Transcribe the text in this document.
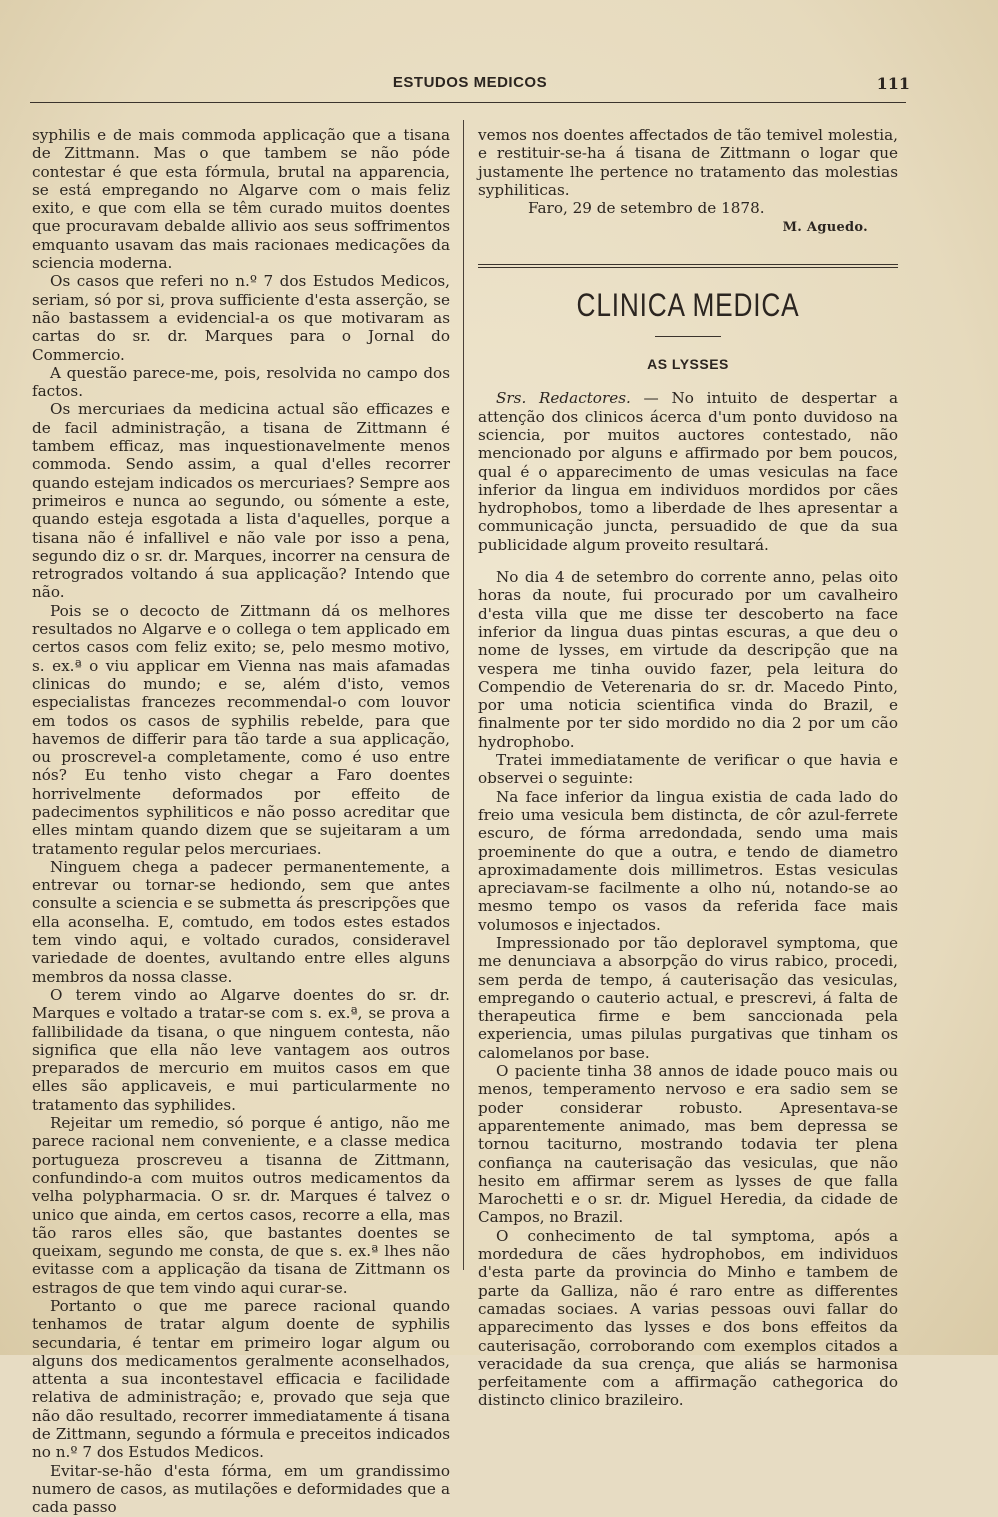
ESTUDOS MEDICOS	111

syphilis e de mais commoda applicação que a tisana de Zittmann. Mas o que tambem se não póde contestar é que esta fórmula, brutal na apparencia, se está empregando no Algarve com o mais feliz exito, e que com ella se têm curado muitos doentes que procuravam debalde allivio aos seus soffrimentos emquanto usavam das mais racionaes medicações da sciencia moderna.

Os casos que referi no n.º 7 dos Estudos Medicos, seriam, só por si, prova sufficiente d'esta asserção, se não bastassem a evidencial-a os que motivaram as cartas do sr. dr. Marques para o Jornal do Commercio.

A questão parece-me, pois, resolvida no campo dos factos.

Os mercuriaes da medicina actual são efficazes e de facil administração, a tisana de Zittmann é tambem efficaz, mas inquestionavelmente menos commoda. Sendo assim, a qual d'elles recorrer quando estejam indicados os mercuriaes? Sempre aos primeiros e nunca ao segundo, ou sómente a este, quando esteja esgotada a lista d'aquelles, porque a tisana não é infallivel e não vale por isso a pena, segundo diz o sr. dr. Marques, incorrer na censura de retrogrados voltando á sua applicação? Intendo que não.

Pois se o decocto de Zittmann dá os melhores resultados no Algarve e o collega o tem applicado em certos casos com feliz exito; se, pelo mesmo motivo, s. ex.ª o viu applicar em Vienna nas mais afamadas clinicas do mundo; e se, além d'isto, vemos especialistas francezes recommendal-o com louvor em todos os casos de syphilis rebelde, para que havemos de differir para tão tarde a sua applicação, ou proscrevel-a completamente, como é uso entre nós? Eu tenho visto chegar a Faro doentes horrivelmente deformados por effeito de padecimentos syphiliticos e não posso acreditar que elles mintam quando dizem que se sujeitaram a um tratamento regular pelos mercuriaes.

Ninguem chega a padecer permanentemente, a entrevar ou tornar-se hediondo, sem que antes consulte a sciencia e se submetta ás prescripções que ella aconselha. E, comtudo, em todos estes estados tem vindo aqui, e voltado curados, consideravel variedade de doentes, avultando entre elles alguns membros da nossa classe.

O terem vindo ao Algarve doentes do sr. dr. Marques e voltado a tratar-se com s. ex.ª, se prova a fallibilidade da tisana, o que ninguem contesta, não significa que ella não leve vantagem aos outros preparados de mercurio em muitos casos em que elles são applicaveis, e mui particularmente no tratamento das syphilides.

Rejeitar um remedio, só porque é antigo, não me parece racional nem conveniente, e a classe medica portugueza proscreveu a tisanna de Zittmann, confundindo-a com muitos outros medicamentos da velha polypharmacia. O sr. dr. Marques é talvez o unico que ainda, em certos casos, recorre a ella, mas tão raros elles são, que bastantes doentes se queixam, segundo me consta, de que s. ex.ª lhes não evitasse com a applicação da tisana de Zittmann os estragos de que tem vindo aqui curar-se.

Portanto o que me parece racional quando tenhamos de tratar algum doente de syphilis secundaria, é tentar em primeiro logar algum ou alguns dos medicamentos geralmente aconselhados, attenta a sua incontestavel efficacia e facilidade relativa de administração; e, provado que seja que não dão resultado, recorrer immediatamente á tisana de Zittmann, segundo a fórmula e preceitos indicados no n.º 7 dos Estudos Medicos.

Evitar-se-hão d'esta fórma, em um grandissimo numero de casos, as mutilações e deformidades que a cada passo

vemos nos doentes affectados de tão temivel molestia, e restituir-se-ha á tisana de Zittmann o logar que justamente lhe pertence no tratamento das molestias syphiliticas.

Faro, 29 de setembro de 1878.

M. Aguedo.
CLINICA MEDICA
AS LYSSES

Srs. Redactores. — No intuito de despertar a attenção dos clinicos ácerca d'um ponto duvidoso na sciencia, por muitos auctores contestado, não mencionado por alguns e affirmado por bem poucos, qual é o apparecimento de umas vesiculas na face inferior da lingua em individuos mordidos por cães hydrophobos, tomo a liberdade de lhes apresentar a communicação juncta, persuadido de que da sua publicidade algum proveito resultará.

No dia 4 de setembro do corrente anno, pelas oito horas da noute, fui procurado por um cavalheiro d'esta villa que me disse ter descoberto na face inferior da lingua duas pintas escuras, a que deu o nome de lysses, em virtude da descripção que na vespera me tinha ouvido fazer, pela leitura do Compendio de Veterenaria do sr. dr. Macedo Pinto, por uma noticia scientifica vinda do Brazil, e finalmente por ter sido mordido no dia 2 por um cão hydrophobo.

Tratei immediatamente de verificar o que havia e observei o seguinte:

Na face inferior da lingua existia de cada lado do freio uma vesicula bem distincta, de côr azul-ferrete escuro, de fórma arredondada, sendo uma mais proeminente do que a outra, e tendo de diametro aproximadamente dois millimetros. Estas vesiculas apreciavam-se facilmente a olho nú, notando-se ao mesmo tempo os vasos da referida face mais volumosos e injectados.

Impressionado por tão deploravel symptoma, que me denunciava a absorpção do virus rabico, procedi, sem perda de tempo, á cauterisação das vesiculas, empregando o cauterio actual, e prescrevi, á falta de therapeutica firme e bem sanccionada pela experiencia, umas pilulas purgativas que tinham os calomelanos por base.

O paciente tinha 38 annos de idade pouco mais ou menos, temperamento nervoso e era sadio sem se poder considerar robusto. Apresentava-se apparentemente animado, mas bem depressa se tornou taciturno, mostrando todavia ter plena confiança na cauterisação das vesiculas, que não hesito em affirmar serem as lysses de que falla Marochetti e o sr. dr. Miguel Heredia, da cidade de Campos, no Brazil.

O conhecimento de tal symptoma, após a mordedura de cães hydrophobos, em individuos d'esta parte da provincia do Minho e tambem de parte da Galliza, não é raro entre as differentes camadas sociaes. A varias pessoas ouvi fallar do apparecimento das lysses e dos bons effeitos da cauterisação, corroborando com exemplos citados a veracidade da sua crença, que aliás se harmonisa perfeitamente com a affirmação cathegorica do distincto clinico brazileiro.
